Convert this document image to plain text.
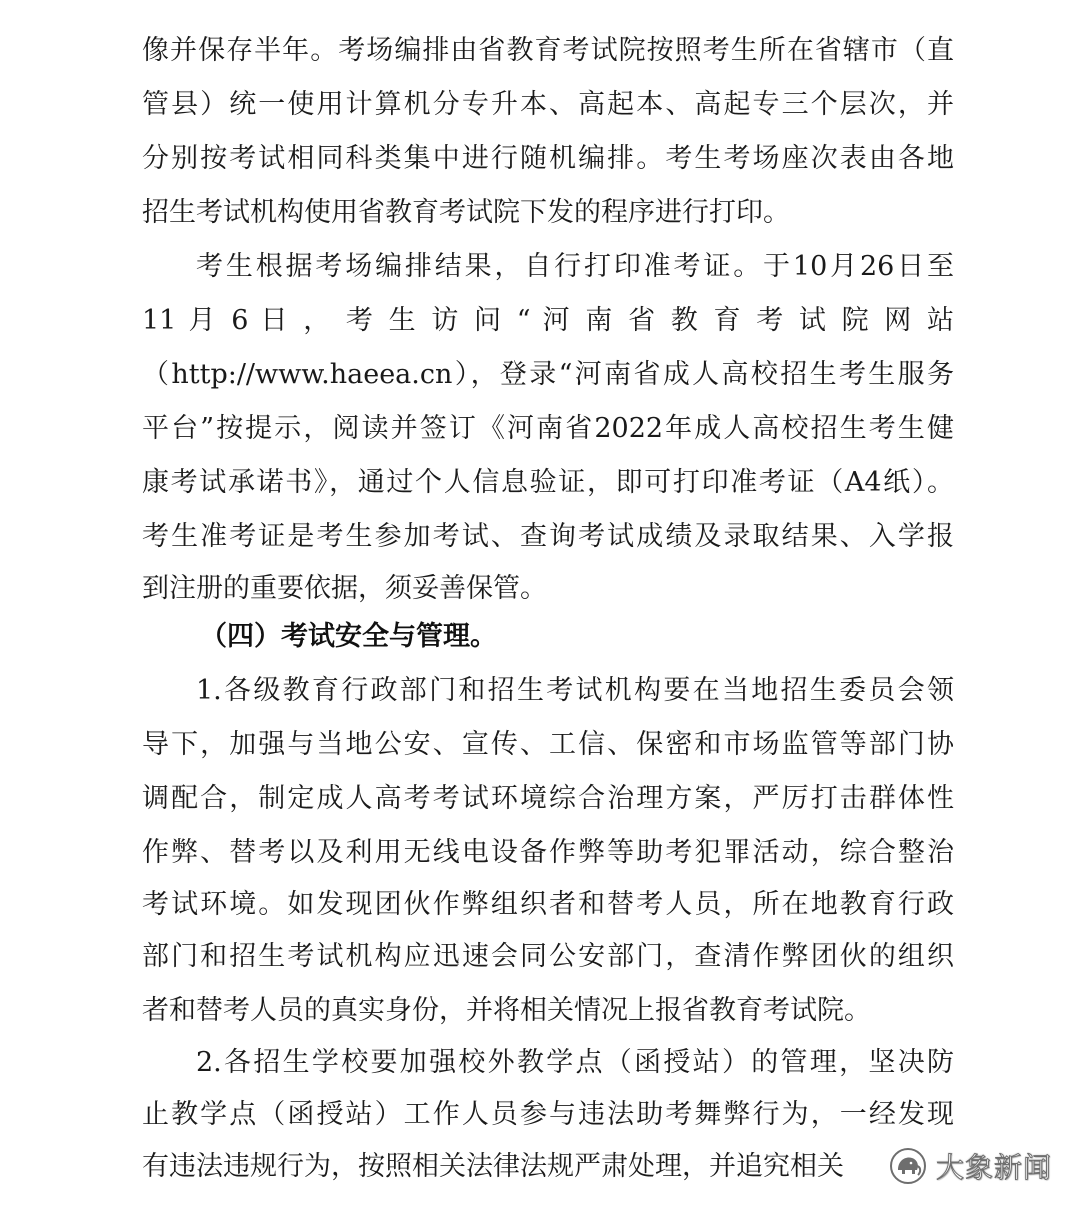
像并保存半年。考场编排由省教育考试院按照考生所在省辖市（直
管县）统一使用计算机分专升本、高起本、高起专三个层次，并
分别按考试相同科类集中进行随机编排。考生考场座次表由各地
招生考试机构使用省教育考试院下发的程序进行打印。
考生根据考场编排结果，自行打印准考证。于10月26日至
11 月 6 日 ， 考 生 访 问 “ 河 南 省 教 育 考 试 院 网 站
（http://www.haeea.cn），登录“河南省成人高校招生考生服务
平台”按提示，阅读并签订《河南省2022年成人高校招生考生健
康考试承诺书》，通过个人信息验证，即可打印准考证（A4纸）。
考生准考证是考生参加考试、查询考试成绩及录取结果、入学报
到注册的重要依据，须妥善保管。
（四）考试安全与管理。
1.各级教育行政部门和招生考试机构要在当地招生委员会领
导下，加强与当地公安、宣传、工信、保密和市场监管等部门协
调配合，制定成人高考考试环境综合治理方案，严厉打击群体性
作弊、替考以及利用无线电设备作弊等助考犯罪活动，综合整治
考试环境。如发现团伙作弊组织者和替考人员，所在地教育行政
部门和招生考试机构应迅速会同公安部门，查清作弊团伙的组织
者和替考人员的真实身份，并将相关情况上报省教育考试院。
2.各招生学校要加强校外教学点（函授站）的管理，坚决防
止教学点（函授站）工作人员参与违法助考舞弊行为，一经发现
有违法违规行为，按照相关法律法规严肃处理，并追究相关	大象新闻
